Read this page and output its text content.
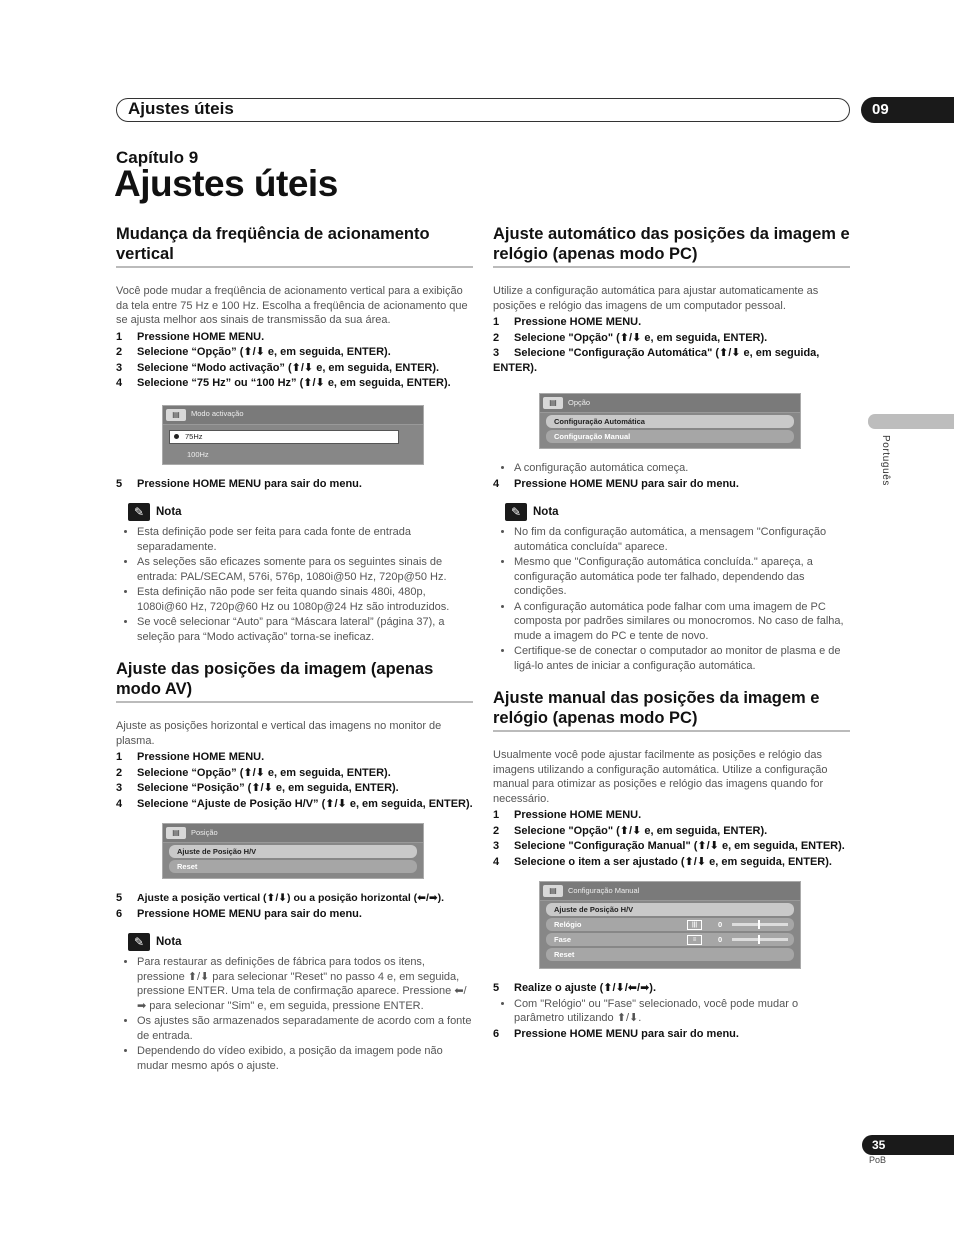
Ajustes úteis	09
Português
Capítulo 9
Ajustes úteis
Mudança da freqüência de acionamento vertical

Você pode mudar a freqüência de acionamento vertical para a exibição da tela entre 75 Hz e 100 Hz. Escolha a freqüência de acionamento que se ajusta melhor aos sinais de transmissão da sua área.

1 Pressione HOME MENU.
2 Selecione “Opção” (⬆/⬇ e, em seguida, ENTER).
3 Selecione “Modo activação” (⬆/⬇ e, em seguida, ENTER).
4 Selecione “75 Hz” ou “100 Hz” (⬆/⬇ e, em seguida, ENTER).
▤	Modo activação
75Hz
100Hz
5 Pressione HOME MENU para sair do menu.
✎	Nota
• Esta definição pode ser feita para cada fonte de entrada separadamente.
• As seleções são eficazes somente para os seguintes sinais de entrada: PAL/SECAM, 576i, 576p, 1080i@50 Hz, 720p@50 Hz.
• Esta definição não pode ser feita quando sinais 480i, 480p, 1080i@60 Hz, 720p@60 Hz ou 1080p@24 Hz são introduzidos.
• Se você selecionar “Auto” para “Máscara lateral” (página 37), a seleção para “Modo activação” torna-se ineficaz.
Ajuste das posições da imagem (apenas modo AV)

Ajuste as posições horizontal e vertical das imagens no monitor de plasma.

1 Pressione HOME MENU.
2 Selecione “Opção” (⬆/⬇ e, em seguida, ENTER).
3 Selecione “Posição” (⬆/⬇ e, em seguida, ENTER).
4 Selecione “Ajuste de Posição H/V” (⬆/⬇ e, em seguida, ENTER).
▤	Posição
Ajuste de Posição H/V
Reset
5 Ajuste a posição vertical (⬆/⬇) ou a posição horizontal (⬅/➡).
6 Pressione HOME MENU para sair do menu.
✎	Nota
• Para restaurar as definições de fábrica para todos os itens, pressione ⬆/⬇ para selecionar "Reset" no passo 4 e, em seguida, pressione ENTER. Uma tela de confirmação aparece. Pressione ⬅/➡ para selecionar "Sim" e, em seguida, pressione ENTER.
• Os ajustes são armazenados separadamente de acordo com a fonte de entrada.
• Dependendo do vídeo exibido, a posição da imagem pode não mudar mesmo após o ajuste.
Ajuste automático das posições da imagem e relógio (apenas modo PC)

Utilize a configuração automática para ajustar automaticamente as posições e relógio das imagens de um computador pessoal.

1 Pressione HOME MENU.
2 Selecione "Opção" (⬆/⬇ e, em seguida, ENTER).
3 Selecione "Configuração Automática" (⬆/⬇ e, em seguida, ENTER).
▤	Opção
Configuração Automática
Configuração Manual
• A configuração automática começa.
4 Pressione HOME MENU para sair do menu.
✎	Nota
• No fim da configuração automática, a mensagem "Configuração automática concluída" aparece.
• Mesmo que "Configuração automática concluída." apareça, a configuração automática pode ter falhado, dependendo das condições.
• A configuração automática pode falhar com uma imagem de PC composta por padrões similares ou monocromos. No caso de falha, mude a imagem do PC e tente de novo.
• Certifique-se de conectar o computador ao monitor de plasma e de ligá-lo antes de iniciar a configuração automática.
Ajuste manual das posições da imagem e relógio (apenas modo PC)

Usualmente você pode ajustar facilmente as posições e relógio das imagens utilizando a configuração automática. Utilize a configuração manual para otimizar as posições e relógio das imagens quando for necessário.

1 Pressione HOME MENU.
2 Selecione "Opção" (⬆/⬇ e, em seguida, ENTER).
3 Selecione "Configuração Manual" (⬆/⬇ e, em seguida, ENTER).
4 Selecione o item a ser ajustado (⬆/⬇ e, em seguida, ENTER).
▤	Configuração Manual
Ajuste de Posição H/V
Relógio	|||	0
Fase	≡	0
Reset
5 Realize o ajuste (⬆/⬇/⬅/➡).
• Com "Relógio" ou "Fase" selecionado, você pode mudar o parâmetro utilizando ⬆/⬇.
6 Pressione HOME MENU para sair do menu.
35
PoB
